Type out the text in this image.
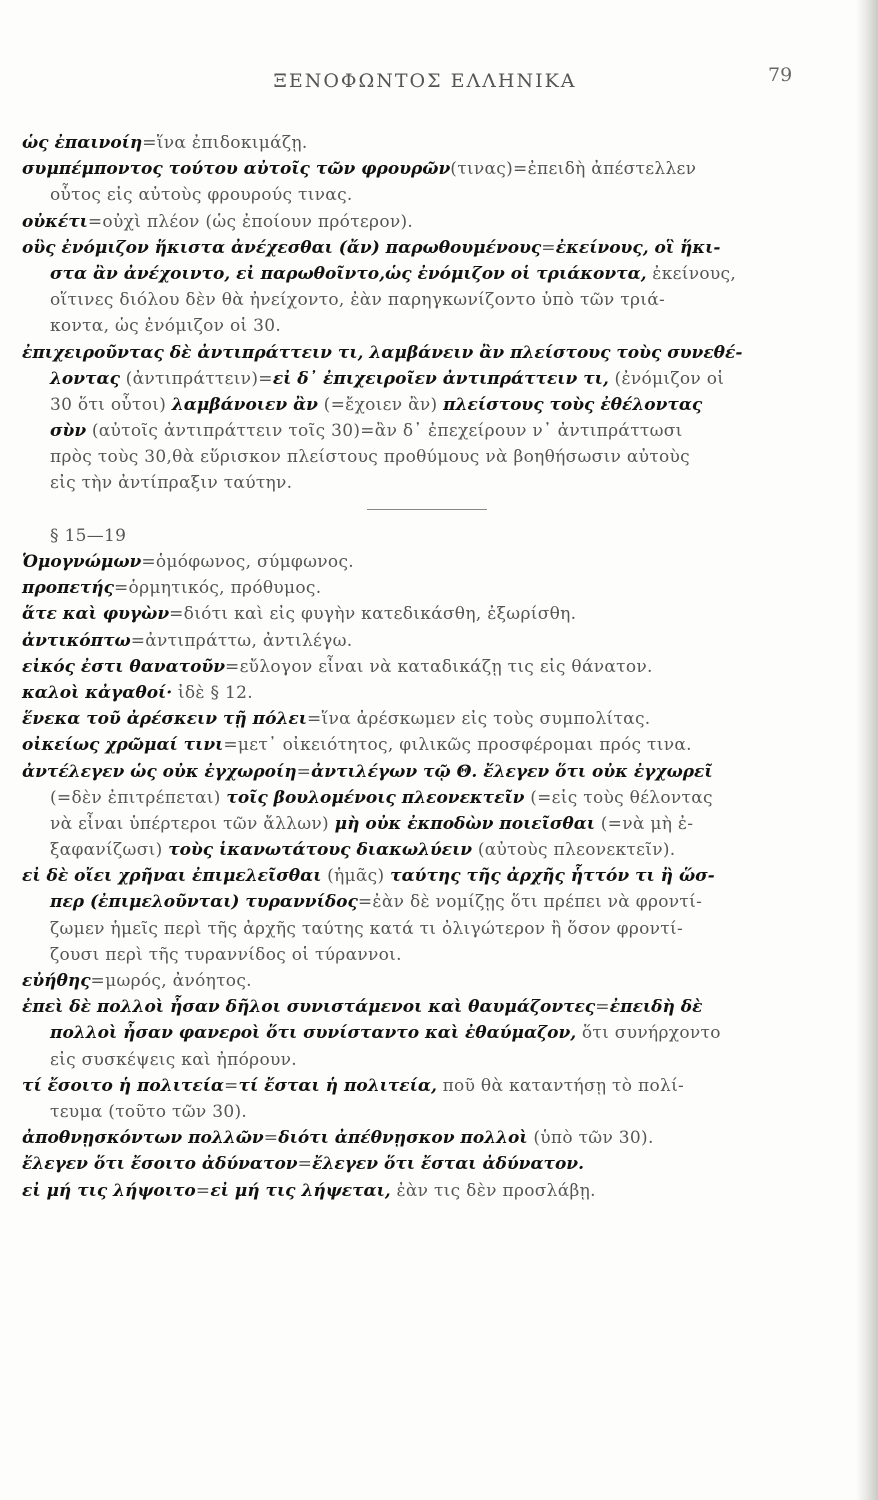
ΞΕΝΟΦΩΝΤΟΣ ΕΛΛΗΝΙΚΑ	79
ὡς ἐπαινοίη=ἵνα ἐπιδοκιμάζῃ.
συμπέμποντος τούτου αὐτοῖς τῶν φρουρῶν(τινας)=ἐπειδὴ ἀπέστελλεν
οὗτος εἰς αὐτοὺς φρουρούς τινας.
οὐκέτι=οὐχὶ πλέον (ὡς ἐποίουν πρότερον).
οὓς ἐνόμιζον ἥκιστα ἀνέχεσθαι (ἄν) παρωθουμένους=ἐκείνους, οἳ ἥκι-
στα ἂν ἀνέχοιντο, εἰ παρωθοῖντο,ὡς ἐνόμιζον οἱ τριάκοντα, ἐκείνους,
οἵτινες διόλου δὲν θὰ ἠνείχοντο, ἐὰν παρηγκωνίζοντο ὑπὸ τῶν τριά-
κοντα, ὡς ἐνόμιζον οἱ 30.
ἐπιχειροῦντας δὲ ἀντιπράττειν τι, λαμβάνειν ἂν πλείστους τοὺς συνεθέ-
λοντας (ἀντιπράττειν)=εἰ δ᾽ ἐπιχειροῖεν ἀντιπράττειν τι, (ἐνόμιζον οἱ
30 ὅτι οὗτοι) λαμβάνοιεν ἂν (=ἔχοιεν ἂν) πλείστους τοὺς ἐθέλοντας
σὺν (αὐτοῖς ἀντιπράττειν τοῖς 30)=ἂν δ᾽ ἐπεχείρουν ν᾽ ἀντιπράττωσι
πρὸς τοὺς 30,θὰ εὕρισκον πλείστους προθύμους νὰ βοηθήσωσιν αὐτοὺς
εἰς τὴν ἀντίπραξιν ταύτην.
§ 15—19
Ὁμογνώμων=ὁμόφωνος, σύμφωνος.
προπετής=ὁρμητικός, πρόθυμος.
ἅτε καὶ φυγὼν=διότι καὶ εἰς φυγὴν κατεδικάσθη, ἐξωρίσθη.
ἀντικόπτω=ἀντιπράττω, ἀντιλέγω.
εἰκός ἐστι θανατοῦν=εὔλογον εἶναι νὰ καταδικάζῃ τις εἰς θάνατον.
καλοὶ κἀγαθοί· ἰδὲ § 12.
ἕνεκα τοῦ ἀρέσκειν τῇ πόλει=ἵνα ἀρέσκωμεν εἰς τοὺς συμπολίτας.
οἰκείως χρῶμαί τινι=μετ᾽ οἰκειότητος, φιλικῶς προσφέρομαι πρός τινα.
ἀντέλεγεν ὡς οὐκ ἐγχωροίη=ἀντιλέγων τῷ Θ. ἔλεγεν ὅτι οὐκ ἐγχωρεῖ
(=δὲν ἐπιτρέπεται) τοῖς βουλομένοις πλεονεκτεῖν (=εἰς τοὺς θέλοντας
νὰ εἶναι ὑπέρτεροι τῶν ἄλλων) μὴ οὐκ ἐκποδὼν ποιεῖσθαι (=νὰ μὴ ἐ-
ξαφανίζωσι) τοὺς ἱκανωτάτους διακωλύειν (αὐτοὺς πλεονεκτεῖν).
εἰ δὲ οἴει χρῆναι ἐπιμελεῖσθαι (ἡμᾶς) ταύτης τῆς ἀρχῆς ἧττόν τι ἢ ὥσ-
περ (ἐπιμελοῦνται) τυραννίδος=ἐὰν δὲ νομίζῃς ὅτι πρέπει νὰ φροντί-
ζωμεν ἡμεῖς περὶ τῆς ἀρχῆς ταύτης κατά τι ὀλιγώτερον ἢ ὅσον φροντί-
ζουσι περὶ τῆς τυραννίδος οἱ τύραννοι.
εὐήθης=μωρός, ἀνόητος.
ἐπεὶ δὲ πολλοὶ ἦσαν δῆλοι συνιστάμενοι καὶ θαυμάζοντες=ἐπειδὴ δὲ
πολλοὶ ἦσαν φανεροὶ ὅτι συνίσταντο καὶ ἐθαύμαζον, ὅτι συνήρχοντο
εἰς συσκέψεις καὶ ἠπόρουν.
τί ἔσοιτο ἡ πολιτεία=τί ἔσται ἡ πολιτεία, ποῦ θὰ καταντήσῃ τὸ πολί-
τευμα (τοῦτο τῶν 30).
ἀποθνῃσκόντων πολλῶν=διότι ἀπέθνῃσκον πολλοὶ (ὑπὸ τῶν 30).
ἔλεγεν ὅτι ἔσοιτο ἀδύνατον=ἔλεγεν ὅτι ἔσται ἀδύνατον.
εἰ μή τις λήψοιτο=εἰ μή τις λήψεται, ἐὰν τις δὲν προσλάβῃ.
